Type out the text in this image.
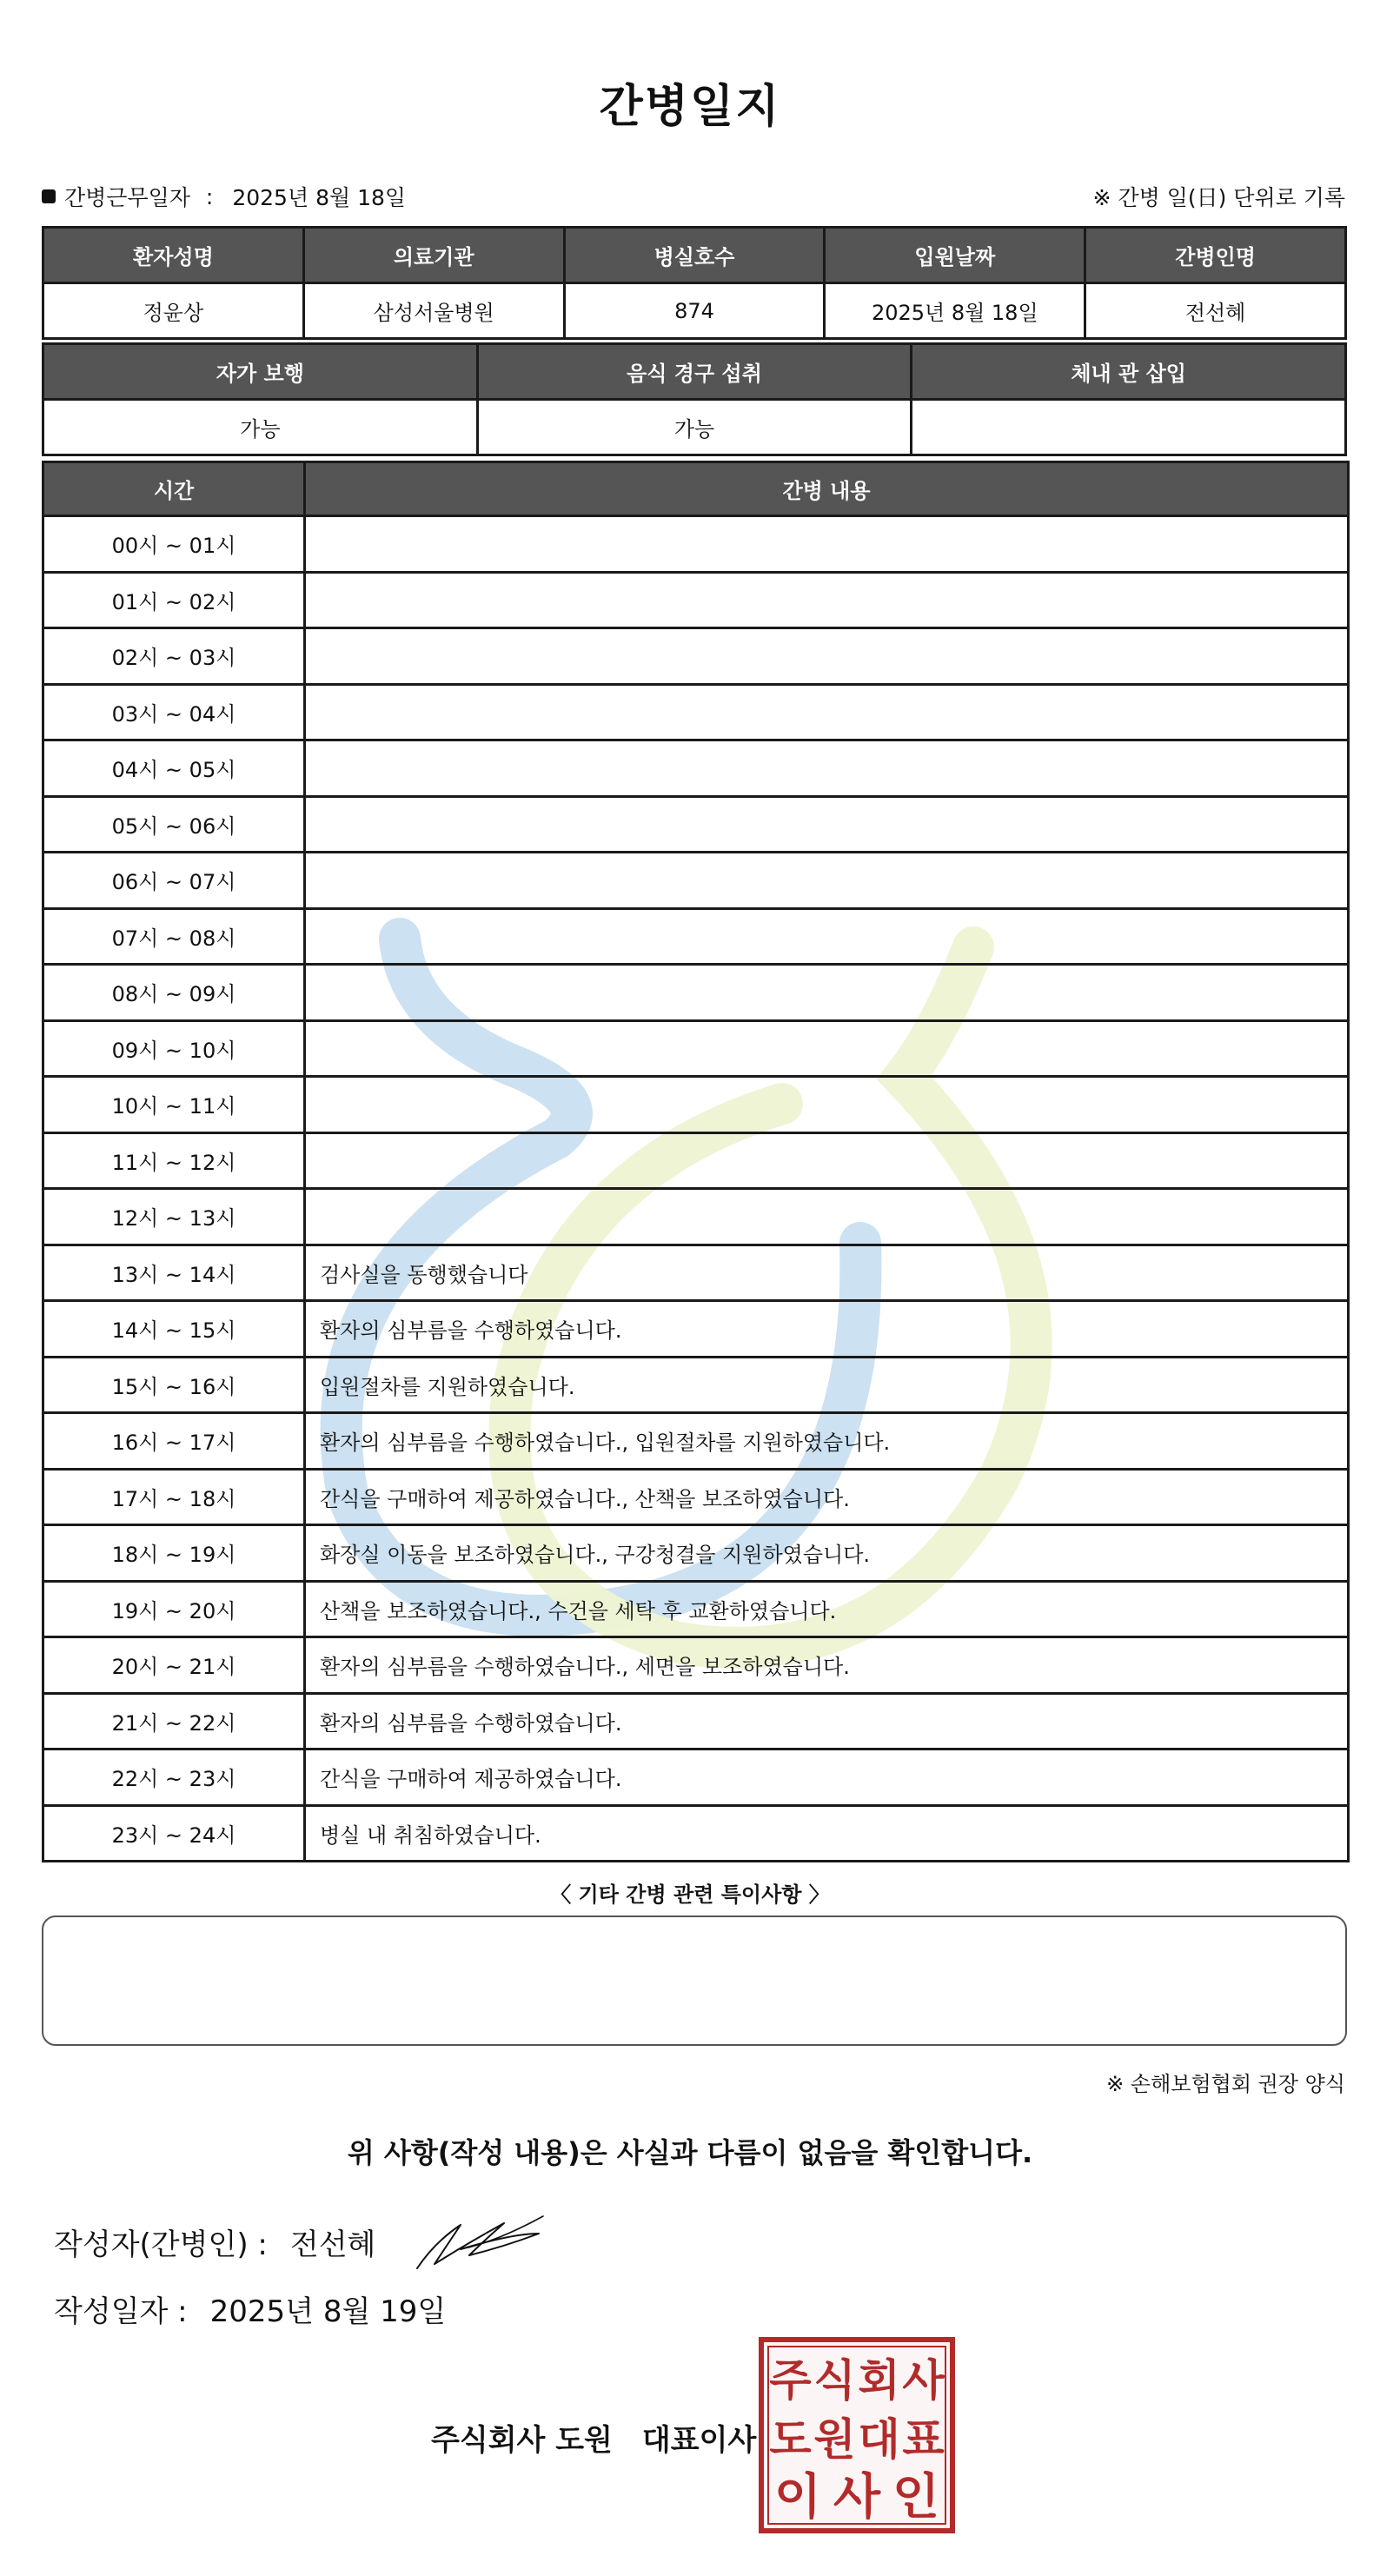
간병일지
간병근무일자 : 2025년 8월 18일	※ 간병 일(日) 단위로 기록
환자성명	의료기관	병실호수	입원날짜	간병인명
정윤상	삼성서울병원	874	2025년 8월 18일	전선혜
자가 보행	음식 경구 섭취	체내 관 삽입
가능	가능	
시간	간병 내용
00시 ~ 01시	
01시 ~ 02시	
02시 ~ 03시	
03시 ~ 04시	
04시 ~ 05시	
05시 ~ 06시	
06시 ~ 07시	
07시 ~ 08시	
08시 ~ 09시	
09시 ~ 10시	
10시 ~ 11시	
11시 ~ 12시	
12시 ~ 13시	
13시 ~ 14시	검사실을 동행했습니다
14시 ~ 15시	환자의 심부름을 수행하였습니다.
15시 ~ 16시	입원절차를 지원하였습니다.
16시 ~ 17시	환자의 심부름을 수행하였습니다., 입원절차를 지원하였습니다.
17시 ~ 18시	간식을 구매하여 제공하였습니다., 산책을 보조하였습니다.
18시 ~ 19시	화장실 이동을 보조하였습니다., 구강청결을 지원하였습니다.
19시 ~ 20시	산책을 보조하였습니다., 수건을 세탁 후 교환하였습니다.
20시 ~ 21시	환자의 심부름을 수행하였습니다., 세면을 보조하였습니다.
21시 ~ 22시	환자의 심부름을 수행하였습니다.
22시 ~ 23시	간식을 구매하여 제공하였습니다.
23시 ~ 24시	병실 내 취침하였습니다.
〈 기타 간병 관련 특이사항 〉
※ 손해보험협회 권장 양식
위 사항(작성 내용)은 사실과 다름이 없음을 확인합니다.
작성자(간병인) : 전선혜
작성일자 : 2025년 8월 19일
주식회사 도원 대표이사
주 식 회 사
도 원 대 표
이 사 인
